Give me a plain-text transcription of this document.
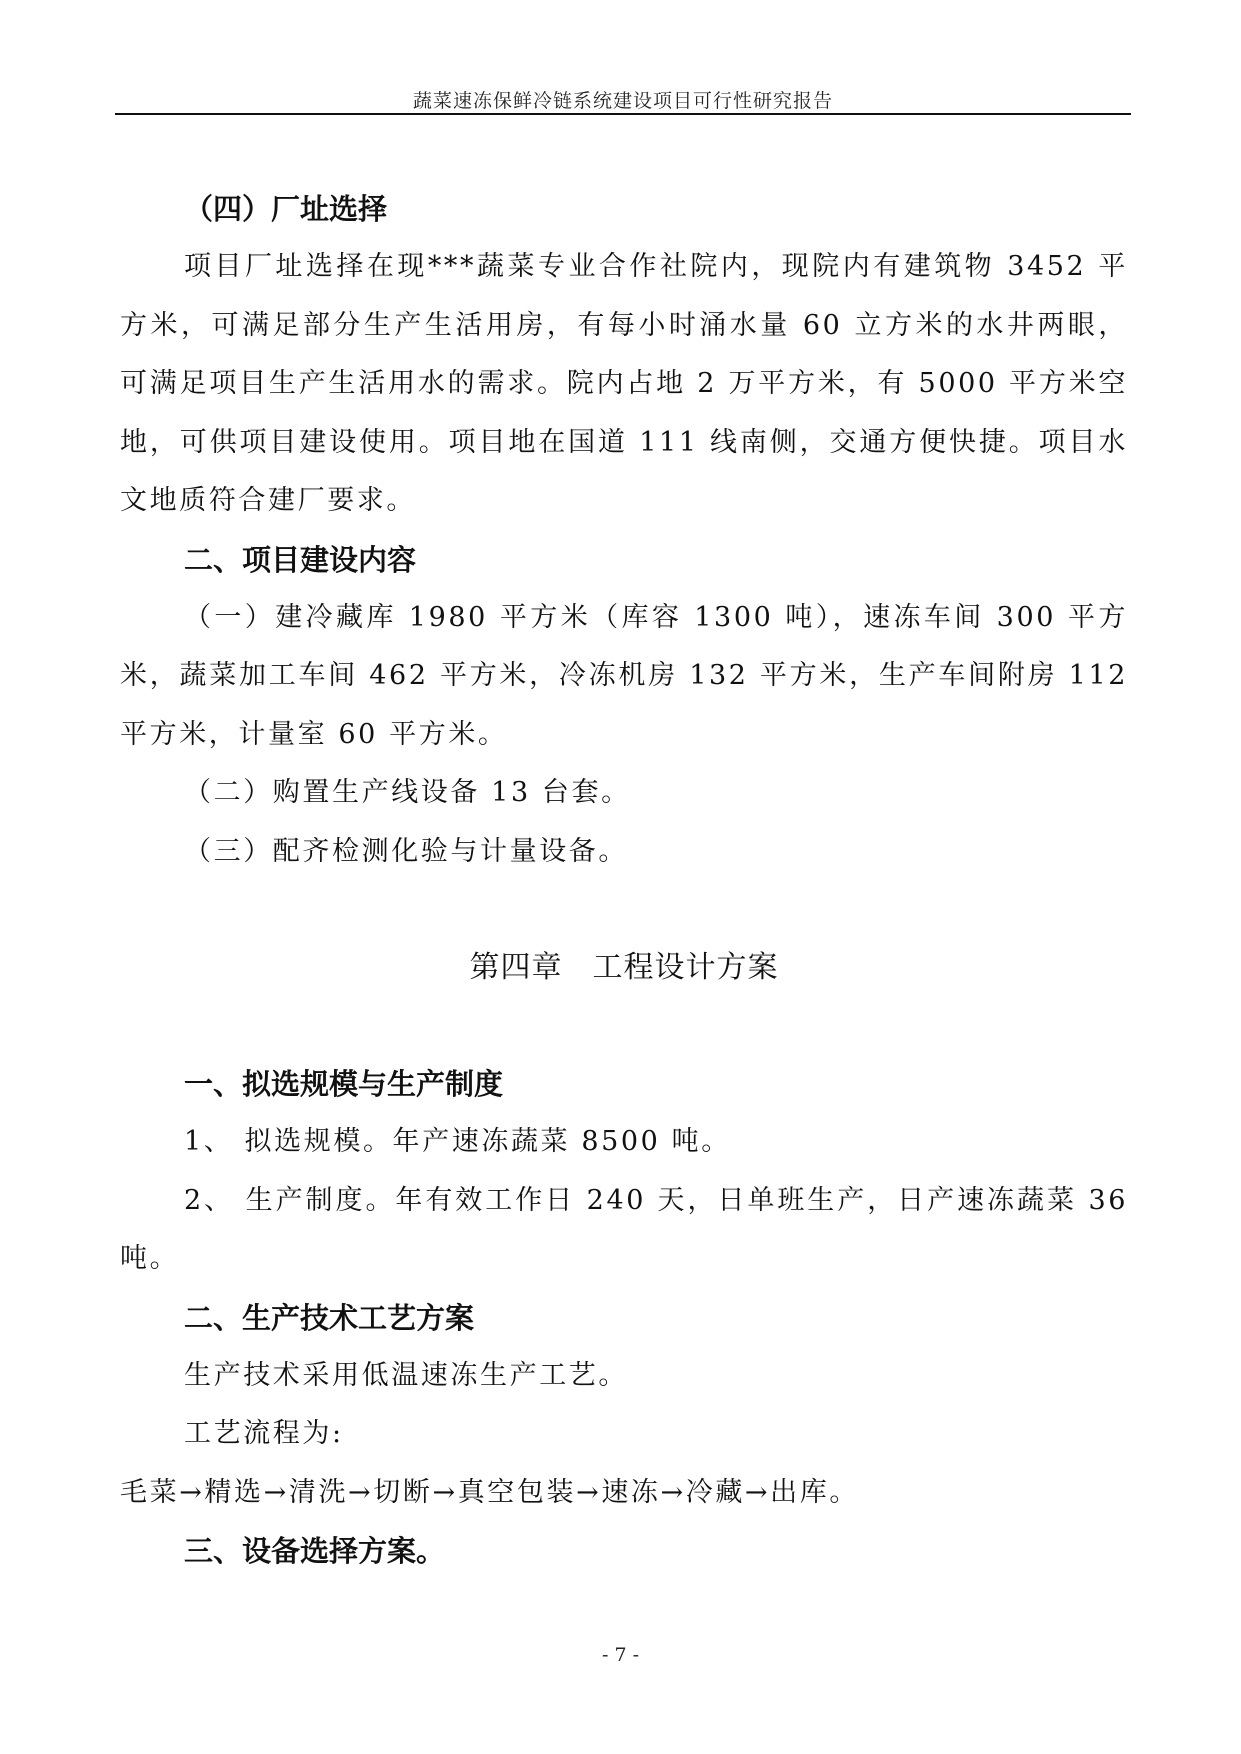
蔬菜速冻保鲜冷链系统建设项目可行性研究报告
（四）厂址选择

项目厂址选择在现***蔬菜专业合作社院内，现院内有建筑物 3452 平方米，可满足部分生产生活用房，有每小时涌水量 60 立方米的水井两眼，可满足项目生产生活用水的需求。院内占地 2 万平方米，有 5000 平方米空地，可供项目建设使用。项目地在国道 111 线南侧，交通方便快捷。项目水文地质符合建厂要求。

二、项目建设内容

（一）建冷藏库 1980 平方米（库容 1300 吨），速冻车间 300 平方米，蔬菜加工车间 462 平方米，冷冻机房 132 平方米，生产车间附房 112 平方米，计量室 60 平方米。

（二）购置生产线设备 13 台套。

（三）配齐检测化验与计量设备。

第四章 工程设计方案
一、拟选规模与生产制度

1、 拟选规模。年产速冻蔬菜 8500 吨。

2、 生产制度。年有效工作日 240 天，日单班生产，日产速冻蔬菜 36 吨。

二、生产技术工艺方案

生产技术采用低温速冻生产工艺。

工艺流程为:

毛菜→精选→清洗→切断→真空包装→速冻→冷藏→出库。

三、设备选择方案。
- 7 -
